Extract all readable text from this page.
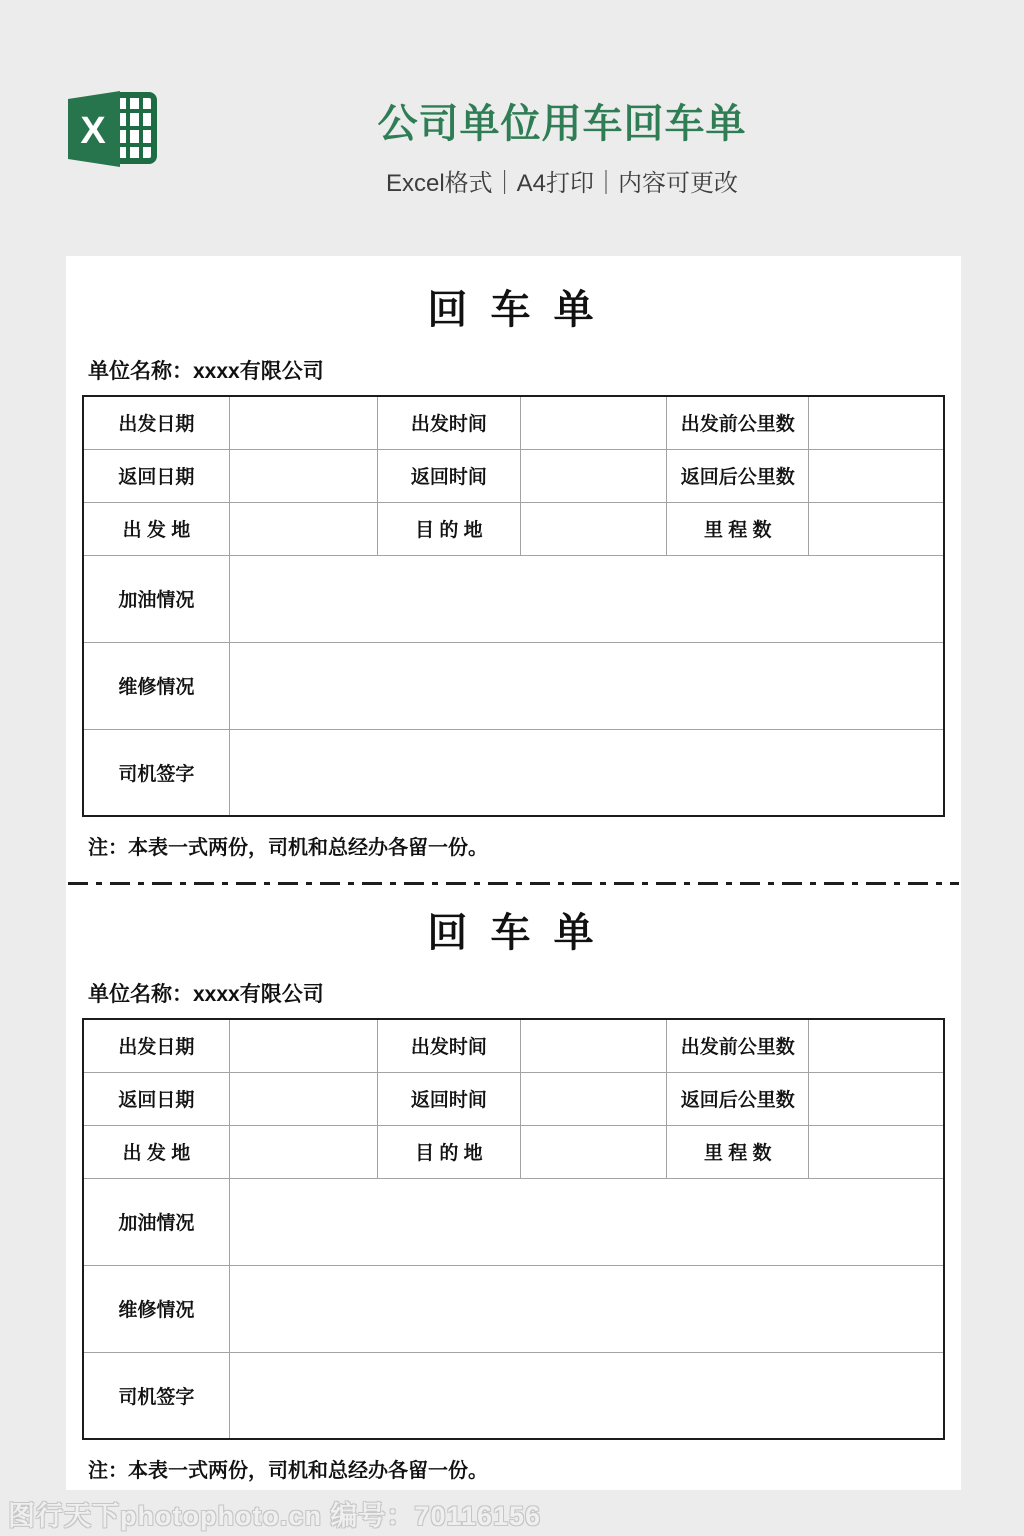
X	公司单位用车回车单

Excel格式｜A4打印｜内容可更改

回 车 单
单位名称：xxxx有限公司
出发日期		出发时间		出发前公里数	
返回日期		返回时间		返回后公里数	
出 发 地		目 的 地		里 程 数	
加油情况					
维修情况					
司机签字					
注：本表一式两份，司机和总经办各留一份。
回 车 单
单位名称：xxxx有限公司
出发日期		出发时间		出发前公里数	
返回日期		返回时间		返回后公里数	
出 发 地		目 的 地		里 程 数	
加油情况					
维修情况					
司机签字					
注：本表一式两份，司机和总经办各留一份。
图行天下photophoto.cn 编号：70116156
